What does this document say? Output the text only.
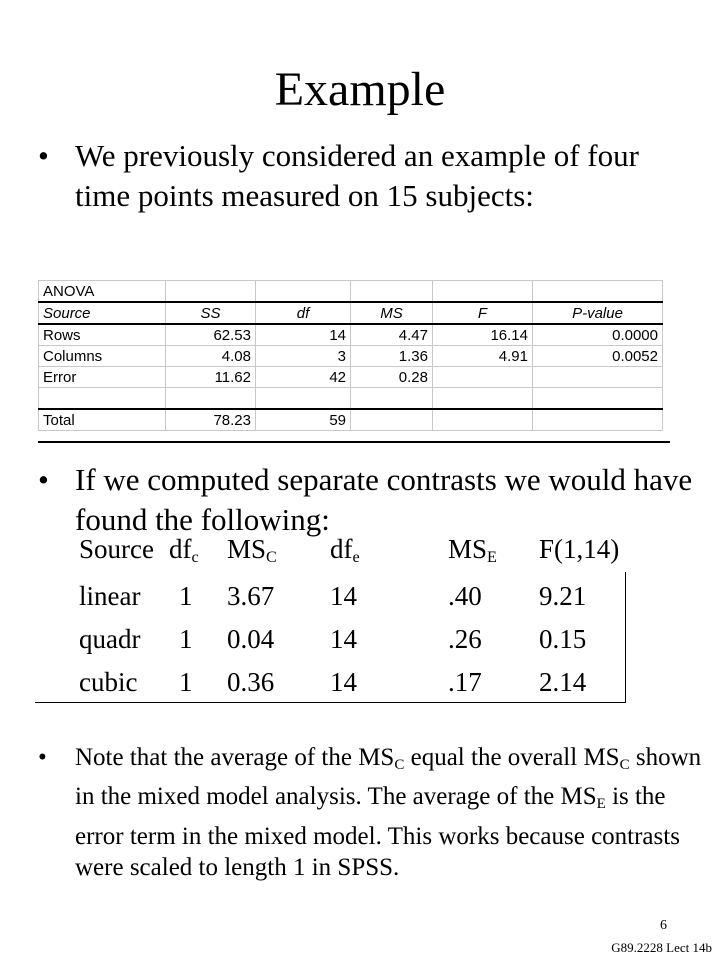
Example
• We previously considered an example of four time points measured on 15 subjects:
ANOVA					
Source	SS	df	MS	F	P-value
Rows	62.53	14	4.47	16.14	0.0000
Columns	4.08	3	1.36	4.91	0.0052
Error	11.62	42	0.28		

Total	78.23	59			
• If we computed separate contrasts we would have found the following:
Source $df_c$ $MS_C$ $df_e$	$MS_E$ F(1,14)
linear 1 3.67 14	.40 9.21
quadr 1 0.04 14	.26 0.15
cubic 1 0.36 14	.17 2.14
• Note that the average of the $MS_C$ equal the overall $MS_C$ shown in the mixed model analysis. The average of the $MS_E$ is the error term in the mixed model. This works because contrasts were scaled to length 1 in SPSS.
6
G89.2228 Lect 14b
